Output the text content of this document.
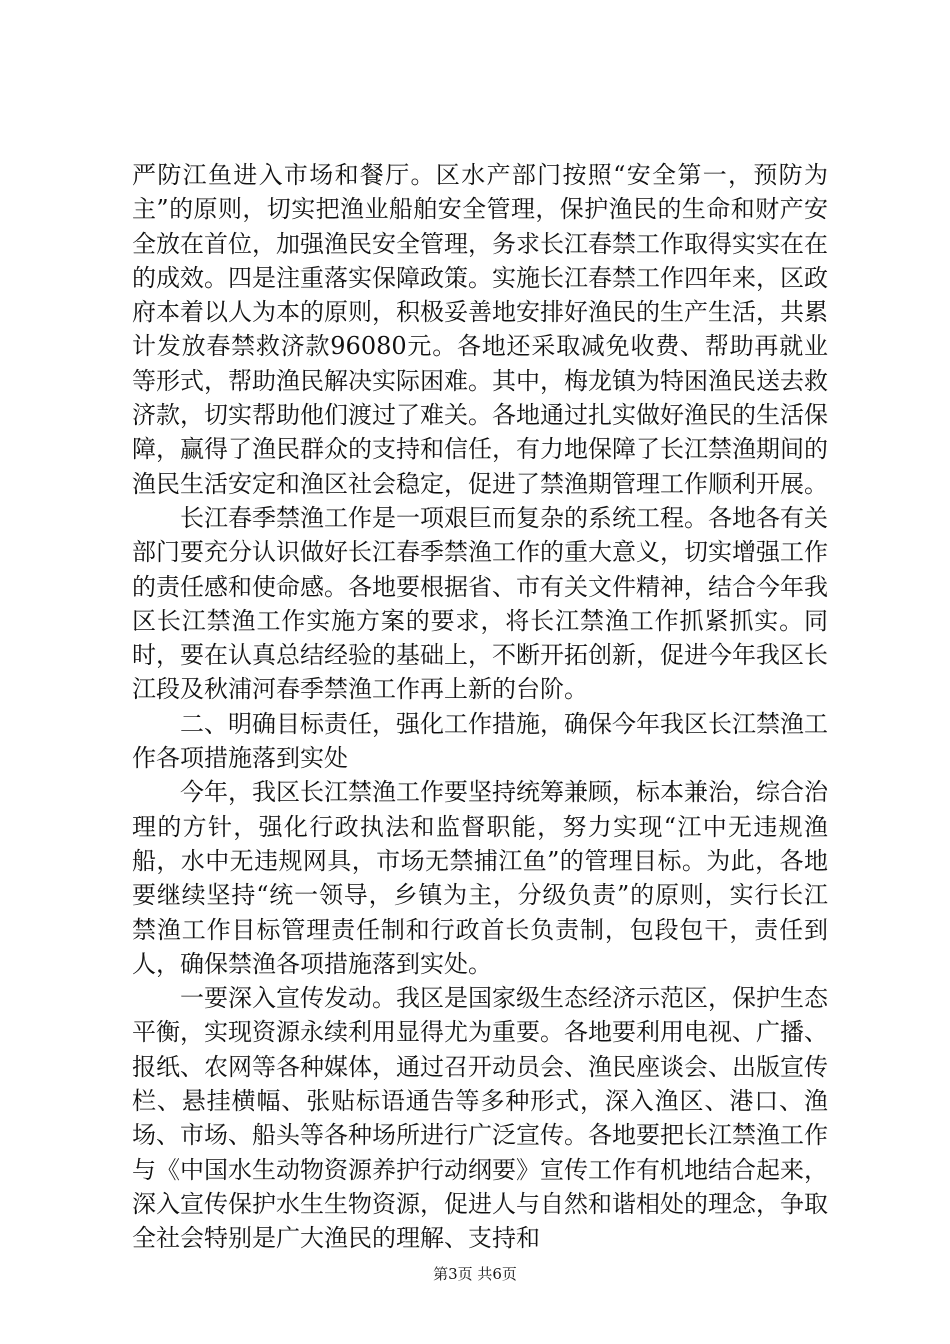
严防江鱼进入市场和餐厅。区水产部门按照“安全第一，预防为主”的原则，切实把渔业船舶安全管理，保护渔民的生命和财产安全放在首位，加强渔民安全管理，务求长江春禁工作取得实实在在的成效。四是注重落实保障政策。实施长江春禁工作四年来，区政府本着以人为本的原则，积极妥善地安排好渔民的生产生活，共累计发放春禁救济款96080元。各地还采取减免收费、帮助再就业等形式，帮助渔民解决实际困难。其中，梅龙镇为特困渔民送去救济款，切实帮助他们渡过了难关。各地通过扎实做好渔民的生活保障，赢得了渔民群众的支持和信任，有力地保障了长江禁渔期间的渔民生活安定和渔区社会稳定，促进了禁渔期管理工作顺利开展。

长江春季禁渔工作是一项艰巨而复杂的系统工程。各地各有关部门要充分认识做好长江春季禁渔工作的重大意义，切实增强工作的责任感和使命感。各地要根据省、市有关文件精神，结合今年我区长江禁渔工作实施方案的要求，将长江禁渔工作抓紧抓实。同时，要在认真总结经验的基础上，不断开拓创新，促进今年我区长江段及秋浦河春季禁渔工作再上新的台阶。

二、明确目标责任，强化工作措施，确保今年我区长江禁渔工作各项措施落到实处

今年，我区长江禁渔工作要坚持统筹兼顾，标本兼治，综合治理的方针，强化行政执法和监督职能，努力实现“江中无违规渔船，水中无违规网具，市场无禁捕江鱼”的管理目标。为此，各地要继续坚持“统一领导，乡镇为主，分级负责”的原则，实行长江禁渔工作目标管理责任制和行政首长负责制，包段包干，责任到人，确保禁渔各项措施落到实处。

一要深入宣传发动。我区是国家级生态经济示范区，保护生态平衡，实现资源永续利用显得尤为重要。各地要利用电视、广播、报纸、农网等各种媒体，通过召开动员会、渔民座谈会、出版宣传栏、悬挂横幅、张贴标语通告等多种形式，深入渔区、港口、渔场、市场、船头等各种场所进行广泛宣传。各地要把长江禁渔工作与《中国水生动物资源养护行动纲要》宣传工作有机地结合起来，深入宣传保护水生生物资源，促进人与自然和谐相处的理念，争取全社会特别是广大渔民的理解、支持和

第3页 共6页
